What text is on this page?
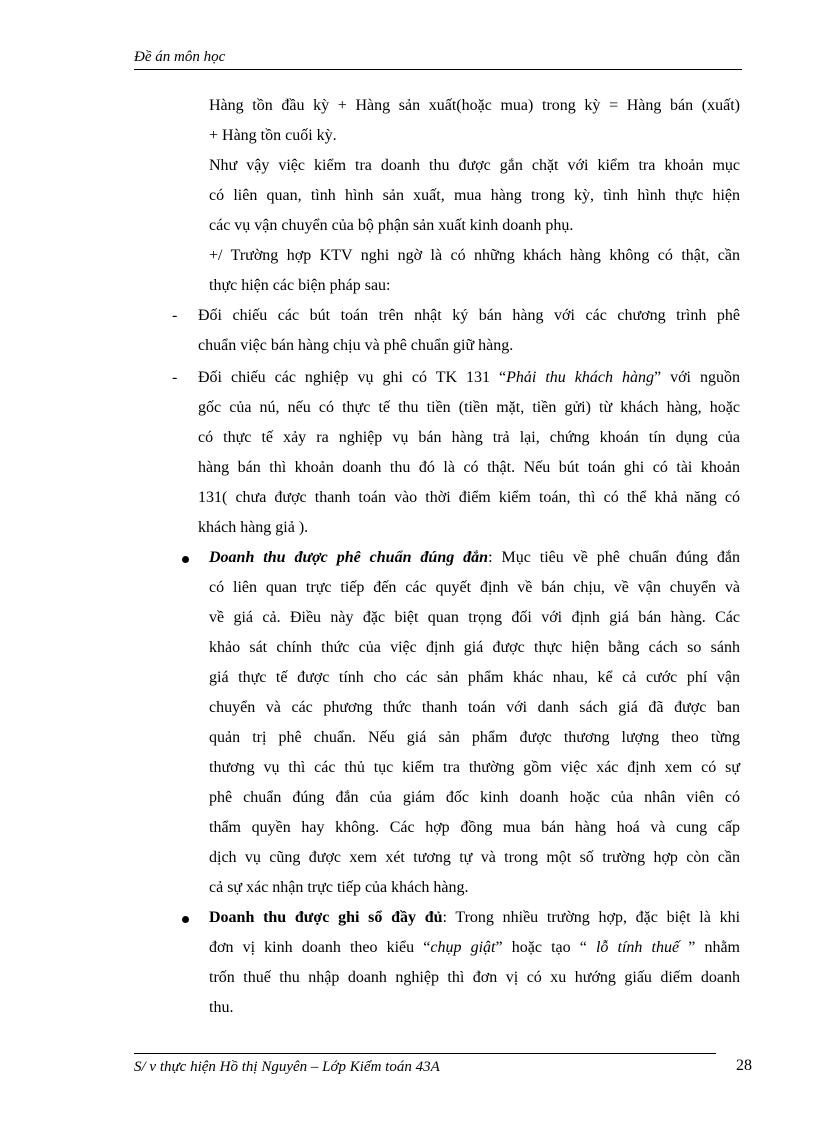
Đề án môn học
Hàng tồn đầu kỳ + Hàng sản xuất(hoặc mua) trong kỳ = Hàng bán (xuất)
+ Hàng tồn cuối kỳ.
Như vậy việc kiểm tra doanh thu được gắn chặt với kiểm tra khoản mục
có liên quan, tình hình sản xuất, mua hàng trong kỳ, tình hình thực hiện
các vụ vận chuyển của bộ phận sản xuất kinh doanh phụ.
+/ Trường hợp KTV nghi ngờ là có những khách hàng không có thật, cần
thực hiện các biện pháp sau:
- Đối chiếu các bút toán trên nhật ký bán hàng với các chương trình phê
chuẩn việc bán hàng chịu và phê chuẩn giữ hàng.
- Đối chiếu các nghiệp vụ ghi có TK 131 “Phải thu khách hàng” với nguồn
gốc của nú, nếu có thực tế thu tiền (tiền mặt, tiền gửi) từ khách hàng, hoặc
có thực tế xảy ra nghiệp vụ bán hàng trả lại, chứng khoán tín dụng của
hàng bán thì khoản doanh thu đó là có thật. Nếu bút toán ghi có tài khoản
131( chưa được thanh toán vào thời điểm kiểm toán, thì có thể khả năng có
khách hàng giả ).
Doanh thu được phê chuẩn đúng đắn: Mục tiêu về phê chuẩn đúng đắn
có liên quan trực tiếp đến các quyết định về bán chịu, về vận chuyển và
về giá cả. Điều này đặc biệt quan trọng đối với định giá bán hàng. Các
khảo sát chính thức của việc định giá được thực hiện bằng cách so sánh
giá thực tế được tính cho các sản phẩm khác nhau, kể cả cước phí vận
chuyển và các phương thức thanh toán với danh sách giá đã được ban
quản trị phê chuẩn. Nếu giá sản phẩm được thương lượng theo từng
thương vụ thì các thủ tục kiểm tra thường gồm việc xác định xem có sự
phê chuẩn đúng đắn của giám đốc kinh doanh hoặc của nhân viên có
thẩm quyền hay không. Các hợp đồng mua bán hàng hoá và cung cấp
dịch vụ cũng được xem xét tương tự và trong một số trường hợp còn cần
cả sự xác nhận trực tiếp của khách hàng.
Doanh thu được ghi sổ đầy đủ: Trong nhiều trường hợp, đặc biệt là khi
đơn vị kinh doanh theo kiểu “chụp giật” hoặc tạo “ lỗ tính thuế ” nhằm
trốn thuế thu nhập doanh nghiệp thì đơn vị có xu hướng giấu diếm doanh
thu.
S/ v thực hiện Hồ thị Nguyên – Lớp Kiểm toán 43A	28
